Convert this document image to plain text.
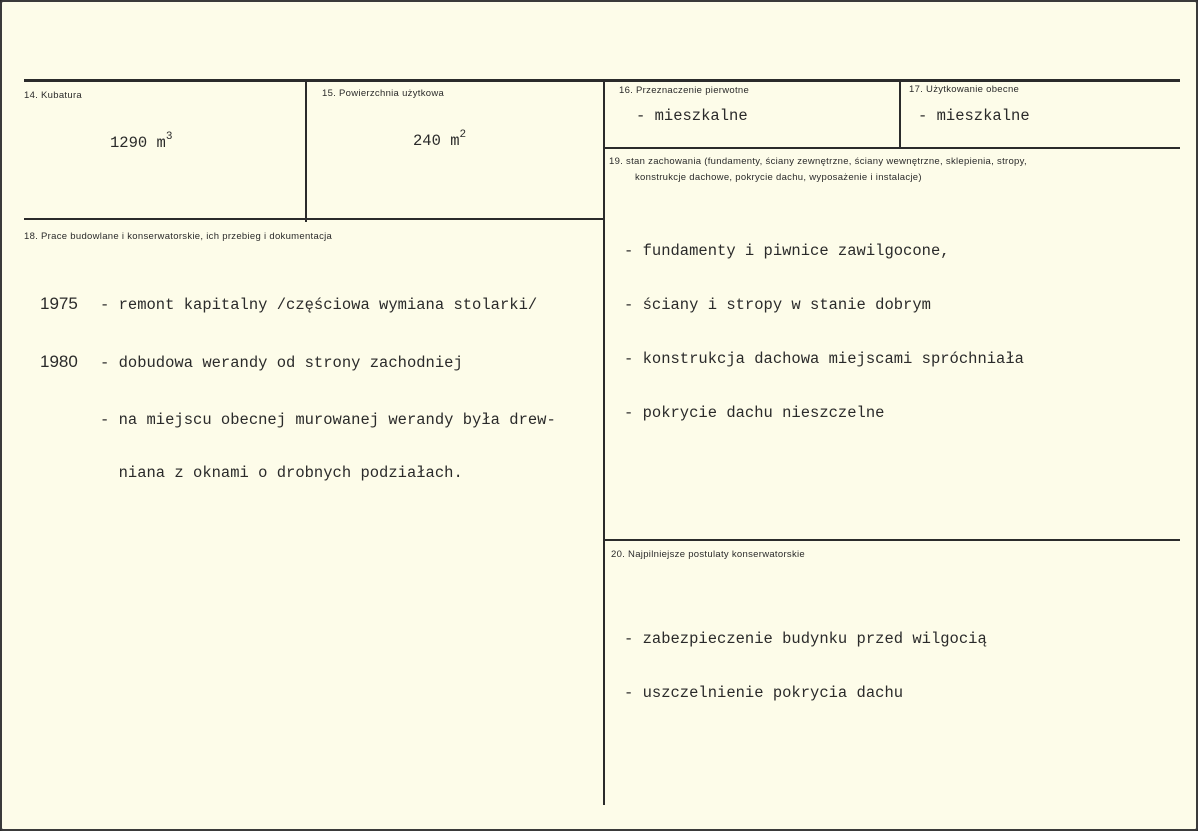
14. Kubatura
1290 $m^3$
15. Powierzchnia użytkowa
240 $m^2$
16. Przeznaczenie pierwotne
- mieszkalne
17. Użytkowanie obecne
- mieszkalne
18. Prace budowlane i konserwatorskie, ich przebieg i dokumentacja

1975 - remont kapitalny /częściowa wymiana stolarki/

1980 - dobudowa werandy od strony zachodniej

- na miejscu obecnej murowanej werandy była drew-

niana z oknami o drobnych podziałach.

19. stan zachowania (fundamenty, ściany zewnętrzne, ściany wewnętrzne, sklepienia, stropy,
konstrukcje dachowe, pokrycie dachu, wyposażenie i instalacje)

- fundamenty i piwnice zawilgocone,

- ściany i stropy w stanie dobrym

- konstrukcja dachowa miejscami spróchniała

- pokrycie dachu nieszczelne

20. Najpilniejsze postulaty konserwatorskie

- zabezpieczenie budynku przed wilgocią

- uszczelnienie pokrycia dachu
